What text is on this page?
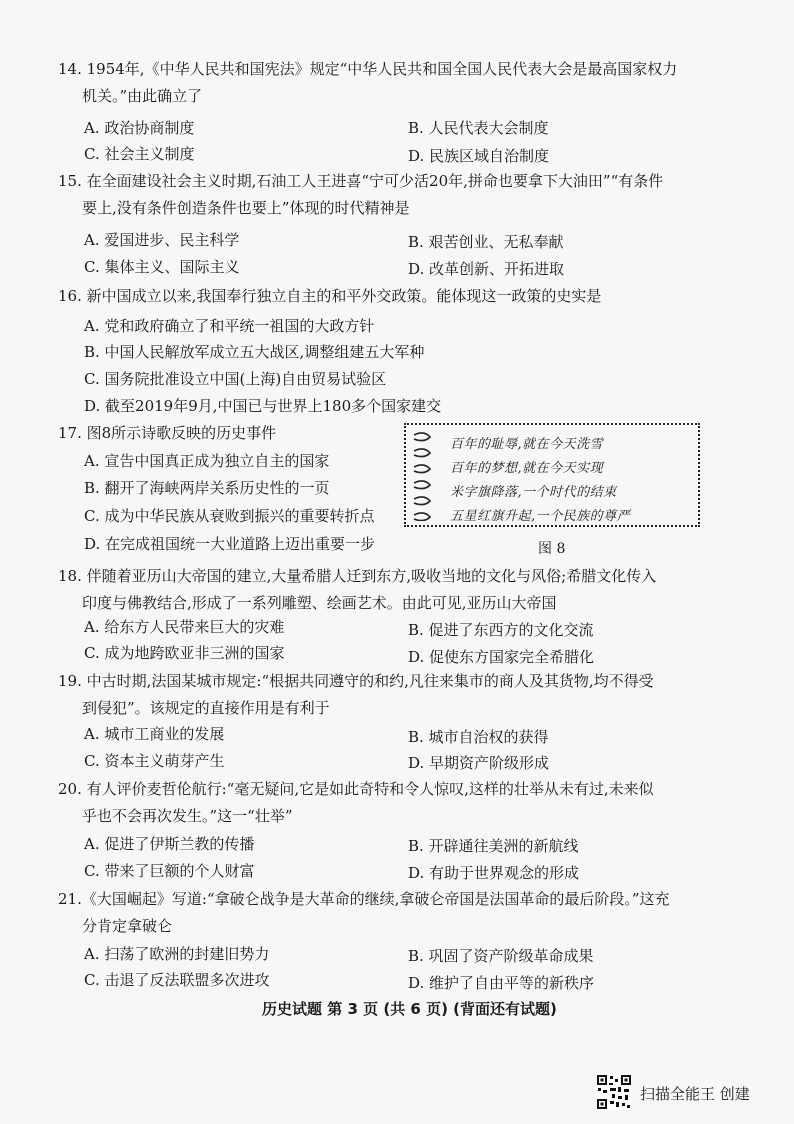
14. 1954年,《中华人民共和国宪法》规定“中华人民共和国全国人民代表大会是最高国家权力
机关。”由此确立了
A. 政治协商制度	B. 人民代表大会制度
C. 社会主义制度	D. 民族区域自治制度
15. 在全面建设社会主义时期,石油工人王进喜“宁可少活20年,拼命也要拿下大油田”“有条件
要上,没有条件创造条件也要上”体现的时代精神是
A. 爱国进步、民主科学	B. 艰苦创业、无私奉献
C. 集体主义、国际主义	D. 改革创新、开拓进取
16. 新中国成立以来,我国奉行独立自主的和平外交政策。能体现这一政策的史实是
A. 党和政府确立了和平统一祖国的大政方针
B. 中国人民解放军成立五大战区,调整组建五大军种
C. 国务院批准设立中国(上海)自由贸易试验区
D. 截至2019年9月,中国已与世界上180多个国家建交
17. 图8所示诗歌反映的历史事件
A. 宣告中国真正成为独立自主的国家
B. 翻开了海峡两岸关系历史性的一页
C. 成为中华民族从衰败到振兴的重要转折点
D. 在完成祖国统一大业道路上迈出重要一步
百年的耻辱,就在今天洗雪
百年的梦想,就在今天实现
米字旗降落,一个时代的结束
五星红旗升起,一个民族的尊严
图 8
18. 伴随着亚历山大帝国的建立,大量希腊人迁到东方,吸收当地的文化与风俗;希腊文化传入
印度与佛教结合,形成了一系列雕塑、绘画艺术。由此可见,亚历山大帝国
A. 给东方人民带来巨大的灾难	B. 促进了东西方的文化交流
C. 成为地跨欧亚非三洲的国家	D. 促使东方国家完全希腊化
19. 中古时期,法国某城市规定:“根据共同遵守的和约,凡往来集市的商人及其货物,均不得受
到侵犯”。该规定的直接作用是有利于
A. 城市工商业的发展	B. 城市自治权的获得
C. 资本主义萌芽产生	D. 早期资产阶级形成
20. 有人评价麦哲伦航行:“毫无疑问,它是如此奇特和令人惊叹,这样的壮举从未有过,未来似
乎也不会再次发生。”这一“壮举”
A. 促进了伊斯兰教的传播	B. 开辟通往美洲的新航线
C. 带来了巨额的个人财富	D. 有助于世界观念的形成
21.《大国崛起》写道:“拿破仑战争是大革命的继续,拿破仑帝国是法国革命的最后阶段。”这充
分肯定拿破仑
A. 扫荡了欧洲的封建旧势力	B. 巩固了资产阶级革命成果
C. 击退了反法联盟多次进攻	D. 维护了自由平等的新秩序
历史试题 第 3 页 (共 6 页) (背面还有试题)
扫描全能王 创建
